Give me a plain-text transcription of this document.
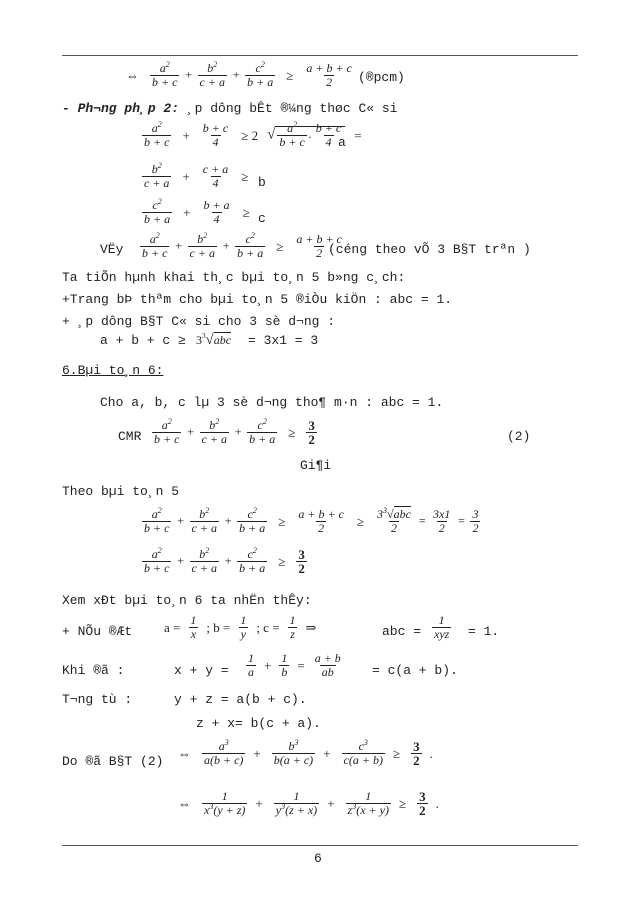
⇔ $\frac{a^2}{b + c} + \frac{b^2}{c + a} + \frac{c^2}{b + a} \ge \frac{a + b + c}{2}$ (®pcm)
- Ph¬ng ph¸p 2: ¸p dông bÊt ®¼ng thøc C« si
$\frac{a^2}{b + c} + \frac{b + c}{4} \ge 2$ √ $\frac{a^2}{b + c}$ . $\frac{b + c}{4}$ =
a
$\frac{b^2}{c + a} + \frac{c + a}{4} \ge b$
$\frac{c^2}{b + a} + \frac{b + a}{4} \ge c$
VËy $\frac{a^2}{b + c} + \frac{b^2}{c + a} + \frac{c^2}{b + a} \ge \frac{a + b + c}{2}$
(céng theo vÕ 3 B§T trªn )
Ta tiÕn hµnh khai th¸c bµi to¸n 5 b»ng c¸ch:
+Trang bÞ thªm cho bµi to¸n 5 ®iÒu kiÖn : abc = 1.
+ ¸p dông B§T C« si cho 3 sè d¬ng :
$a + b + c \ge 3^3√abc = 3x1 = 3$
6.Bµi to¸n 6:
Cho a, b, c lµ 3 sè d¬ng tho¶ m·n : abc = 1.
CMR $\frac{a^2}{b + c} + \frac{b^2}{c + a} + \frac{c^2}{b + a} \ge \frac{3}{2}$	(2)
Gi¶i
Theo bµi to¸n 5
$\frac{a^2}{b + c} + \frac{b^2}{c + a} + \frac{c^2}{b + a} \ge \frac{a + b + c}{2} \ge \frac{3^3√abc}{2} = \frac{3x1}{2} = \frac{3}{2}$
$\frac{a^2}{b + c} + \frac{b^2}{c + a} + \frac{c^2}{b + a} \ge \frac{3}{2}$
Xem xÐt bµi to¸n 6 ta nhËn thÊy:
+ NÕu ®Æt	$a = \frac{1}{x}$ ; $b = \frac{1}{y}$ ; $c = \frac{1}{z}$ ⇒	abc = $\frac{1}{\text{xyz}} = 1$.
Khi ®ã :	$x + y = \frac{1}{a} + \frac{1}{b} = \frac{a + b}{ab} = c(a + b)$.
T¬ng tù :	y + z = a(b + c).
z + x= b(c + a).
Do ®ã B§T (2)
⇔ $\frac{a^3}{a(b + c)} + \frac{b^3}{b(a + c)} + \frac{c^3}{c(a + b)} \ge \frac{3}{2}$ .
⇔ $\frac{1}{x^3(y + z)} + \frac{1}{y^3(z + x)} + \frac{1}{z^3(x + y)} \ge \frac{3}{2}$ .
6
